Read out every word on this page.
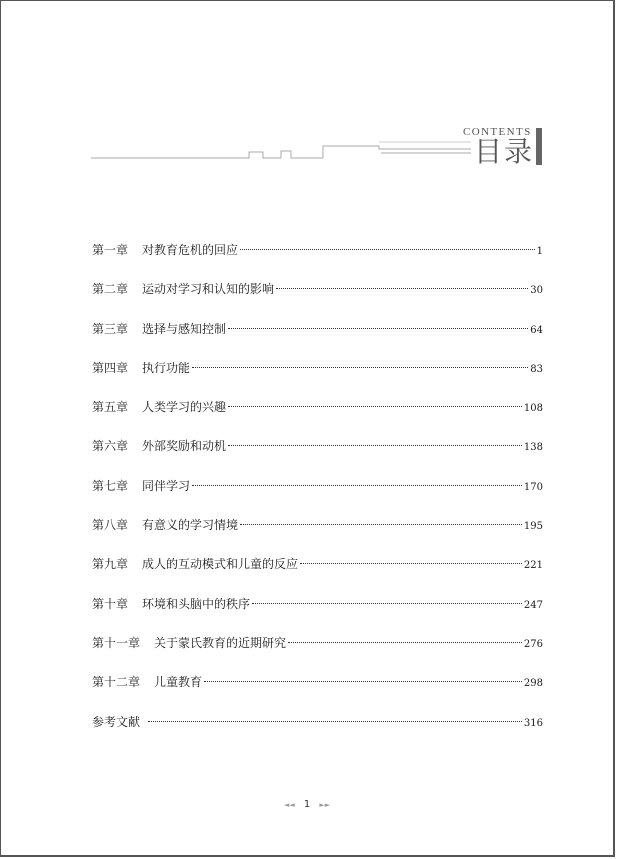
CONTENTS
目录
第一章 对教育危机的回应	1
第二章 运动对学习和认知的影响	30
第三章 选择与感知控制	64
第四章 执行功能	83
第五章 人类学习的兴趣	108
第六章 外部奖励和动机	138
第七章 同伴学习	170
第八章 有意义的学习情境	195
第九章 成人的互动模式和儿童的反应	221
第十章 环境和头脑中的秩序	247
第十一章 关于蒙氏教育的近期研究	276
第十二章 儿童教育	298
参考文献	316
◄◄ 1 ►►
